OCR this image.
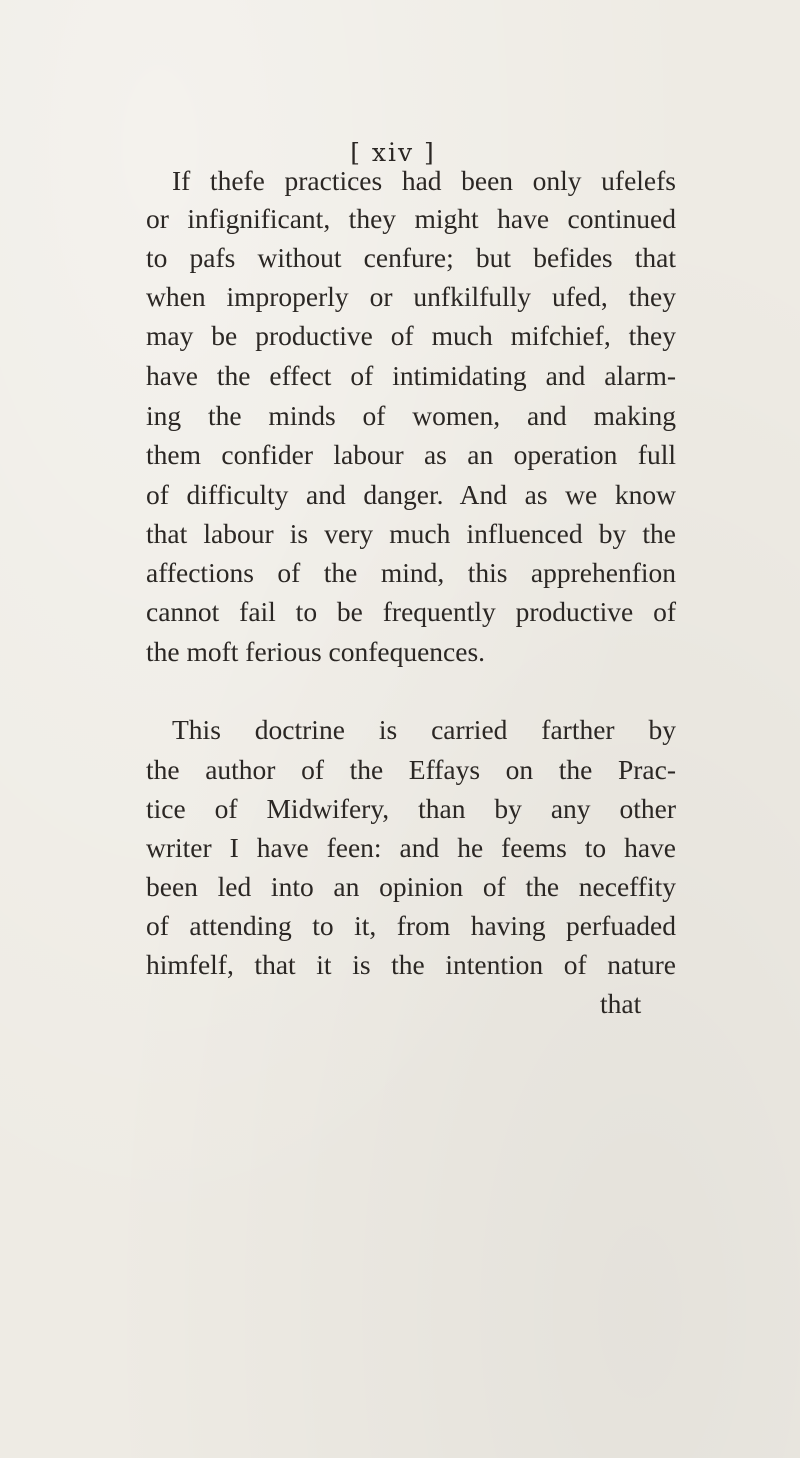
[ xiv ]
If thefe practices had been only ufelefs
or infignificant, they might have continued
to pafs without cenfure; but befides that
when improperly or unfkilfully ufed, they
may be productive of much mifchief, they
have the effect of intimidating and alarm-
ing the minds of women, and making
them confider labour as an operation full
of difficulty and danger. And as we know
that labour is very much influenced by the
affections of the mind, this apprehenfion
cannot fail to be frequently productive of
the moft ferious confequences.
This doctrine is carried farther by
the author of the Effays on the Prac-
tice of Midwifery, than by any other
writer I have feen: and he feems to have
been led into an opinion of the neceffity
of attending to it, from having perfuaded
himfelf, that it is the intention of nature
that
